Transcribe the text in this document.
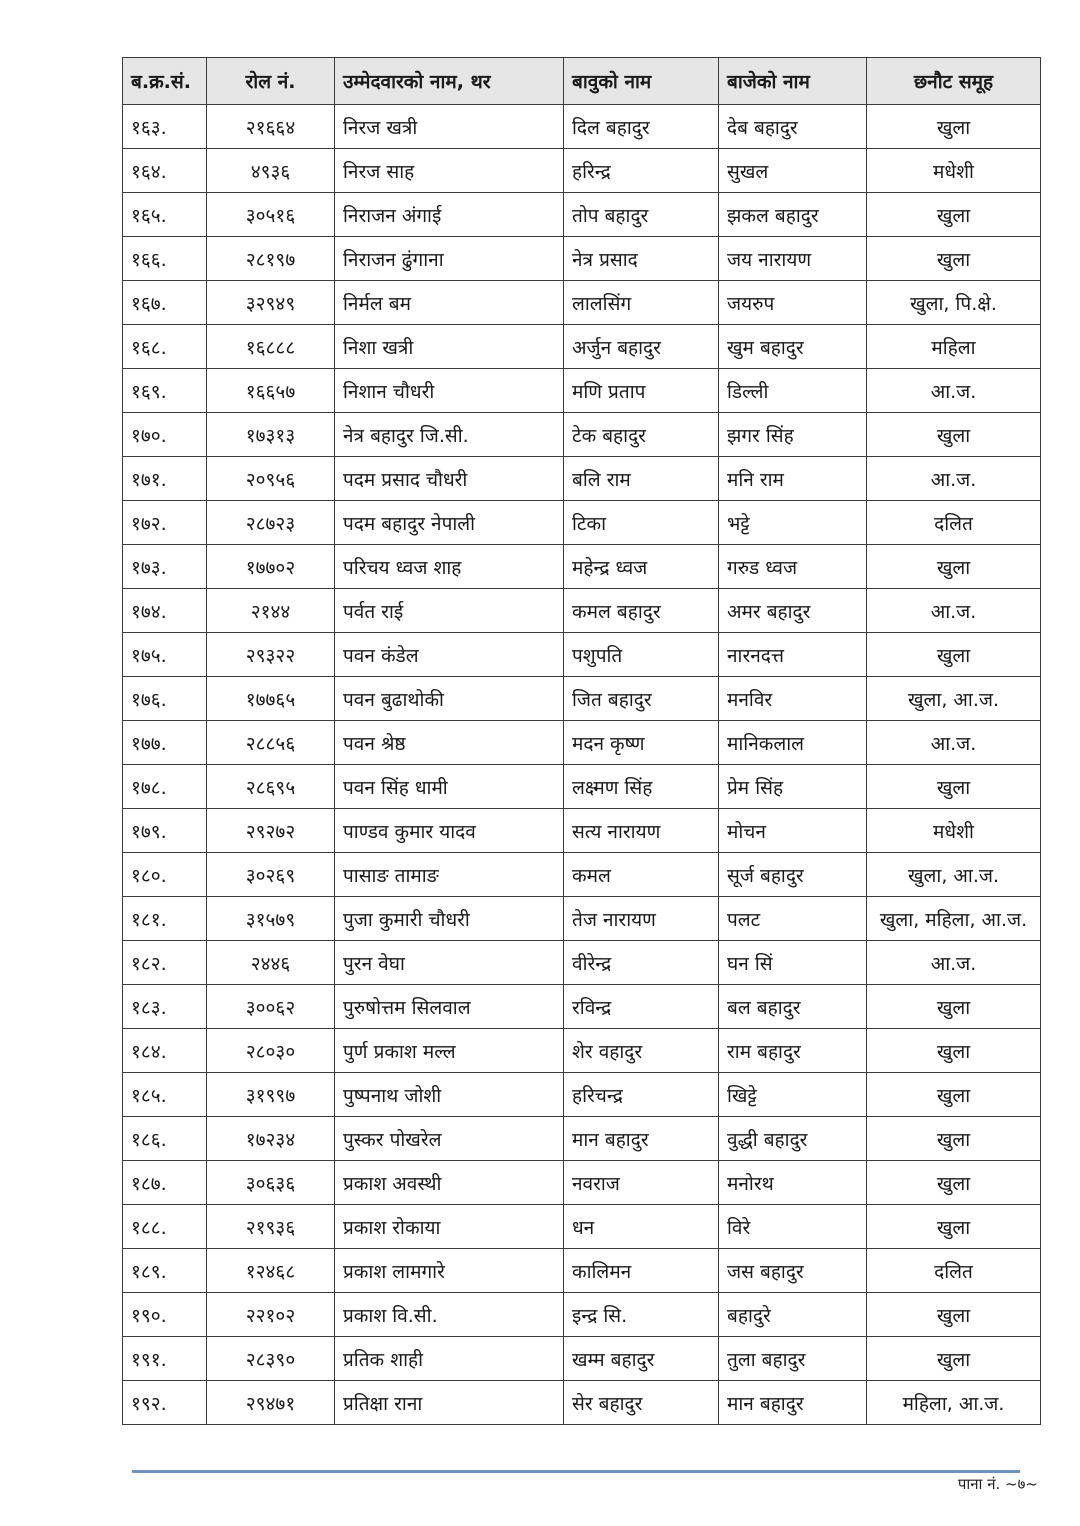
ब.क्र.सं.	रोल नं.	उम्मेदवारको नाम, थर	बावुको नाम	बाजेको नाम	छनौट समूह
१६३.	२१६६४	निरज खत्री	दिल बहादुर	देब बहादुर	खुला
१६४.	४९३६	निरज साह	हरिन्द्र	सुखल	मधेशी
१६५.	३०५१६	निराजन अंगाई	तोप बहादुर	झकल बहादुर	खुला
१६६.	२८१९७	निराजन ढुंगाना	नेत्र प्रसाद	जय नारायण	खुला
१६७.	३२९४९	निर्मल बम	लालसिंग	जयरुप	खुला, पि.क्षे.
१६८.	१६८८८	निशा खत्री	अर्जुन बहादुर	खुम बहादुर	महिला
१६९.	१६६५७	निशान चौधरी	मणि प्रताप	डिल्ली	आ.ज.
१७०.	१७३१३	नेत्र बहादुर जि.सी.	टेक बहादुर	झगर सिंह	खुला
१७१.	२०९५६	पदम प्रसाद चौधरी	बलि राम	मनि राम	आ.ज.
१७२.	२८७२३	पदम बहादुर नेपाली	टिका	भट्टे	दलित
१७३.	१७७०२	परिचय ध्वज शाह	महेन्द्र ध्वज	गरुड ध्वज	खुला
१७४.	२१४४	पर्वत राई	कमल बहादुर	अमर बहादुर	आ.ज.
१७५.	२९३२२	पवन कंडेल	पशुपति	नारनदत्त	खुला
१७६.	१७७६५	पवन बुढाथोकी	जित बहादुर	मनविर	खुला, आ.ज.
१७७.	२८८५६	पवन श्रेष्ठ	मदन कृष्ण	मानिकलाल	आ.ज.
१७८.	२८६९५	पवन सिंह धामी	लक्ष्मण सिंह	प्रेम सिंह	खुला
१७९.	२९२७२	पाण्डव कुमार यादव	सत्य नारायण	मोचन	मधेशी
१८०.	३०२६९	पासाङ तामाङ	कमल	सूर्ज बहादुर	खुला, आ.ज.
१८१.	३१५७९	पुजा कुमारी चौधरी	तेज नारायण	पलट	खुला, महिला, आ.ज.
१८२.	२४४६	पुरन वेघा	वीरेन्द्र	घन सिं	आ.ज.
१८३.	३००६२	पुरुषोत्तम सिलवाल	रविन्द्र	बल बहादुर	खुला
१८४.	२८०३०	पुर्ण प्रकाश मल्ल	शेर वहादुर	राम बहादुर	खुला
१८५.	३१९९७	पुष्पनाथ जोशी	हरिचन्द्र	खिट्टे	खुला
१८६.	१७२३४	पुस्कर पोखरेल	मान बहादुर	वुद्धी बहादुर	खुला
१८७.	३०६३६	प्रकाश अवस्थी	नवराज	मनोरथ	खुला
१८८.	२१९३६	प्रकाश रोकाया	धन	विरे	खुला
१८९.	१२४६८	प्रकाश लामगारे	कालिमन	जस बहादुर	दलित
१९०.	२२१०२	प्रकाश वि.सी.	इन्द्र सि.	बहादुरे	खुला
१९१.	२८३९०	प्रतिक शाही	खम्म बहादुर	तुला बहादुर	खुला
१९२.	२९४७१	प्रतिक्षा राना	सेर बहादुर	मान बहादुर	महिला, आ.ज.
पाना नं. ~७~
